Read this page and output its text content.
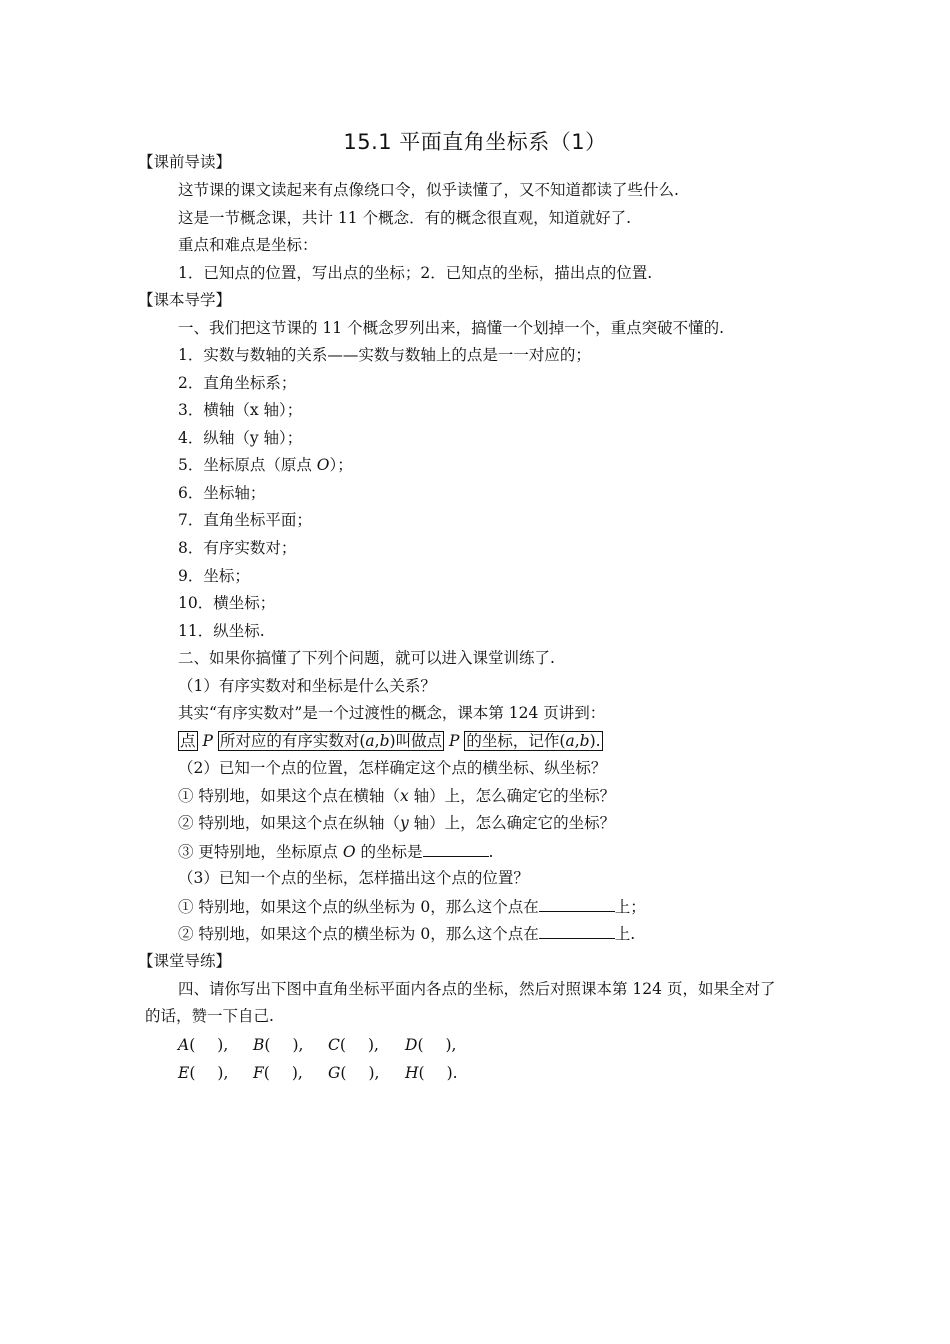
15.1 平面直角坐标系（1）
【课前导读】
这节课的课文读起来有点像绕口令，似乎读懂了，又不知道都读了些什么.
这是一节概念课，共计 11 个概念．有的概念很直观，知道就好了.
重点和难点是坐标：
1．已知点的位置，写出点的坐标；2．已知点的坐标，描出点的位置.
【课本导学】
一、我们把这节课的 11 个概念罗列出来，搞懂一个划掉一个，重点突破不懂的.
1．实数与数轴的关系——实数与数轴上的点是一一对应的；
2．直角坐标系；
3．横轴（x 轴）；
4．纵轴（y 轴）；
5．坐标原点（原点 O）；
6．坐标轴；
7．直角坐标平面；
8．有序实数对；
9．坐标；
10．横坐标；
11．纵坐标.
二、如果你搞懂了下列个问题，就可以进入课堂训练了.
（1）有序实数对和坐标是什么关系？
其实“有序实数对”是一个过渡性的概念，课本第 124 页讲到：
点 P 所对应的有序实数对(a,b)叫做点 P 的坐标，记作(a,b).
（2）已知一个点的位置，怎样确定这个点的横坐标、纵坐标？
① 特别地，如果这个点在横轴（x 轴）上，怎么确定它的坐标？
② 特别地，如果这个点在纵轴（y 轴）上，怎么确定它的坐标？
③ 更特别地，坐标原点 O 的坐标是	.
（3）已知一个点的坐标，怎样描出这个点的位置？
① 特别地，如果这个点的纵坐标为 0，那么这个点在	上；
② 特别地，如果这个点的横坐标为 0，那么这个点在	上.
【课堂导练】
四、请你写出下图中直角坐标平面内各点的坐标，然后对照课本第 124 页，如果全对了
的话，赞一下自己.
A( ), B( ), C( ), D( ),
E( ), F( ), G( ), H( ).
